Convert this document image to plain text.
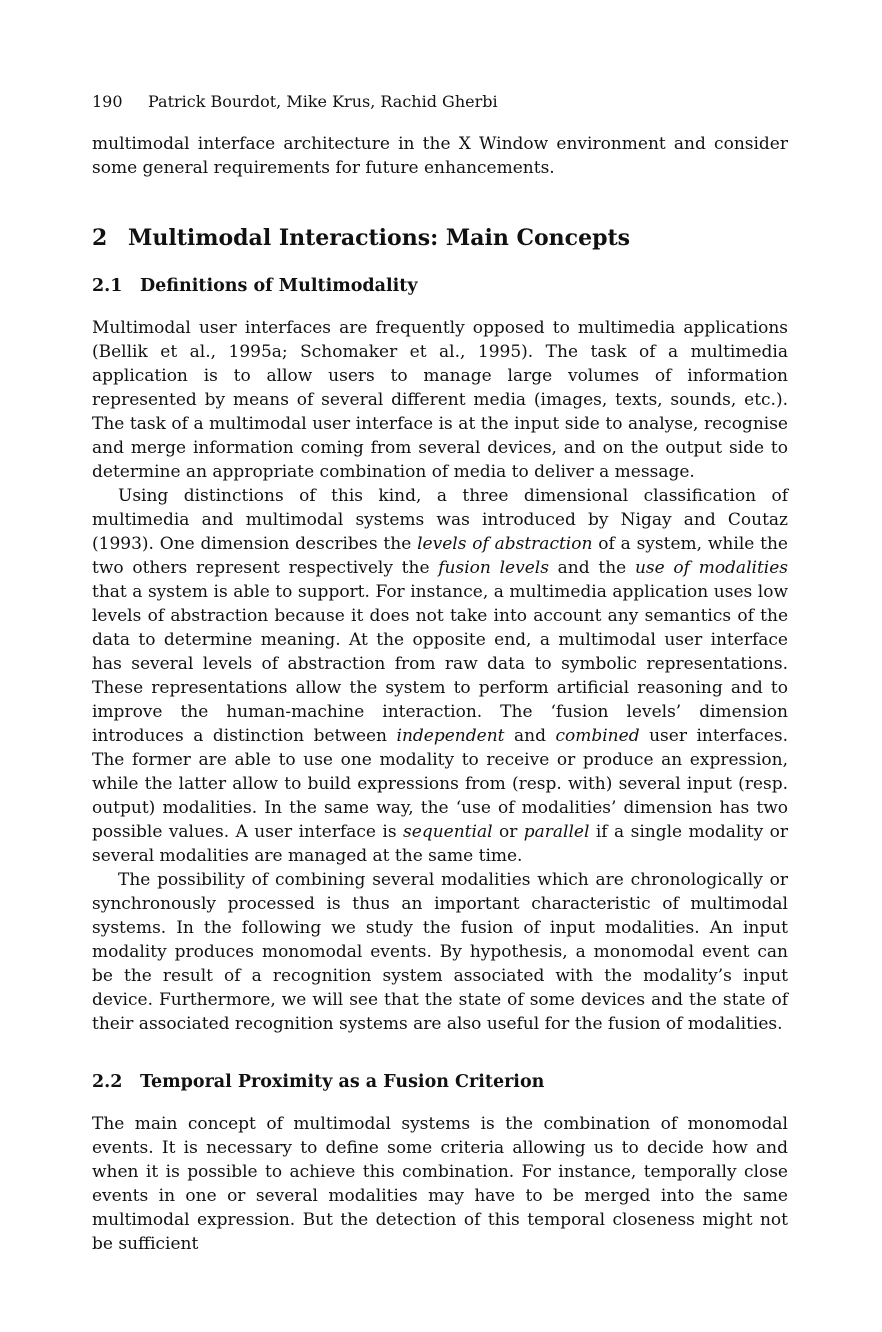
190 Patrick Bourdot, Mike Krus, Rachid Gherbi

multimodal interface architecture in the X Window environment and consider some general requirements for future enhancements.

2 Multimodal Interactions: Main Concepts
2.1 Definitions of Multimodality

Multimodal user interfaces are frequently opposed to multimedia applications (Bellik et al., 1995a; Schomaker et al., 1995). The task of a multimedia application is to allow users to manage large volumes of information represented by means of several different media (images, texts, sounds, etc.). The task of a multimodal user interface is at the input side to analyse, recognise and merge information coming from several devices, and on the output side to determine an appropriate combination of media to deliver a message.

Using distinctions of this kind, a three dimensional classification of multimedia and multimodal systems was introduced by Nigay and Coutaz (1993). One dimension describes the levels of abstraction of a system, while the two others represent respectively the fusion levels and the use of modalities that a system is able to support. For instance, a multimedia application uses low levels of abstraction because it does not take into account any semantics of the data to determine meaning. At the opposite end, a multimodal user interface has several levels of abstraction from raw data to symbolic representations. These representations allow the system to perform artificial reasoning and to improve the human-machine interaction. The ‘fusion levels’ dimension introduces a distinction between independent and combined user interfaces. The former are able to use one modality to receive or produce an expression, while the latter allow to build expressions from (resp. with) several input (resp. output) modalities. In the same way, the ‘use of modalities’ dimension has two possible values. A user interface is sequential or parallel if a single modality or several modalities are managed at the same time.

The possibility of combining several modalities which are chronologically or synchronously processed is thus an important characteristic of multimodal systems. In the following we study the fusion of input modalities. An input modality produces monomodal events. By hypothesis, a monomodal event can be the result of a recognition system associated with the modality’s input device. Furthermore, we will see that the state of some devices and the state of their associated recognition systems are also useful for the fusion of modalities.

2.2 Temporal Proximity as a Fusion Criterion

The main concept of multimodal systems is the combination of monomodal events. It is necessary to define some criteria allowing us to decide how and when it is possible to achieve this combination. For instance, temporally close events in one or several modalities may have to be merged into the same multimodal expression. But the detection of this temporal closeness might not be sufficient
